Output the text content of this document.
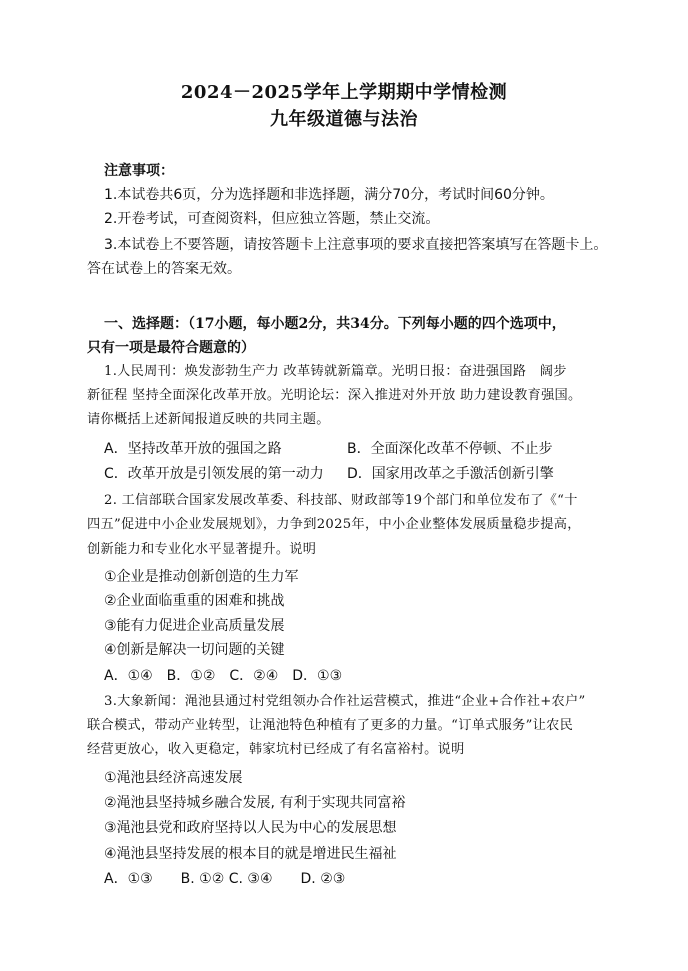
2024－2025学年上学期期中学情检测
九年级道德与法治
注意事项：
1.本试卷共6页，分为选择题和非选择题，满分70分，考试时间60分钟。
2.开卷考试，可查阅资料，但应独立答题，禁止交流。
3.本试卷上不要答题，请按答题卡上注意事项的要求直接把答案填写在答题卡上。
答在试卷上的答案无效。
一、选择题：（17小题，每小题2分，共34分。下列每小题的四个选项中，
只有一项是最符合题意的）
1.人民周刊：焕发澎勃生产力 改革铸就新篇章。光明日报：奋进强国路　阔步
新征程 坚持全面深化改革开放。光明论坛：深入推进对外开放 助力建设教育强国。
请你概括上述新闻报道反映的共同主题。
A．坚持改革开放的强国之路	B．全面深化改革不停顿、不止步
C．改革开放是引领发展的第一动力 D．国家用改革之手激活创新引擎
2. 工信部联合国家发展改革委、科技部、财政部等19个部门和单位发布了《“十
四五”促进中小企业发展规划》，力争到2025年，中小企业整体发展质量稳步提高，
创新能力和专业化水平显著提升。说明
①企业是推动创新创造的生力军
②企业面临重重的困难和挑战
③能有力促进企业高质量发展
④创新是解决一切问题的关键
A．①④　B．①②　C．②④　D．①③
3.大象新闻：渑池县通过村党组领办合作社运营模式，推进“企业+合作社+农户”
联合模式，带动产业转型，让渑池特色种植有了更多的力量。“订单式服务”让农民
经营更放心，收入更稳定，韩家坑村已经成了有名富裕村。说明
①渑池县经济高速发展
②渑池县坚持城乡融合发展, 有利于实现共同富裕
③渑池县党和政府坚持以人民为中心的发展思想
④渑池县坚持发展的根本目的就是增进民生福祉
A．①③　　B. ①② C. ③④　　D. ②③
